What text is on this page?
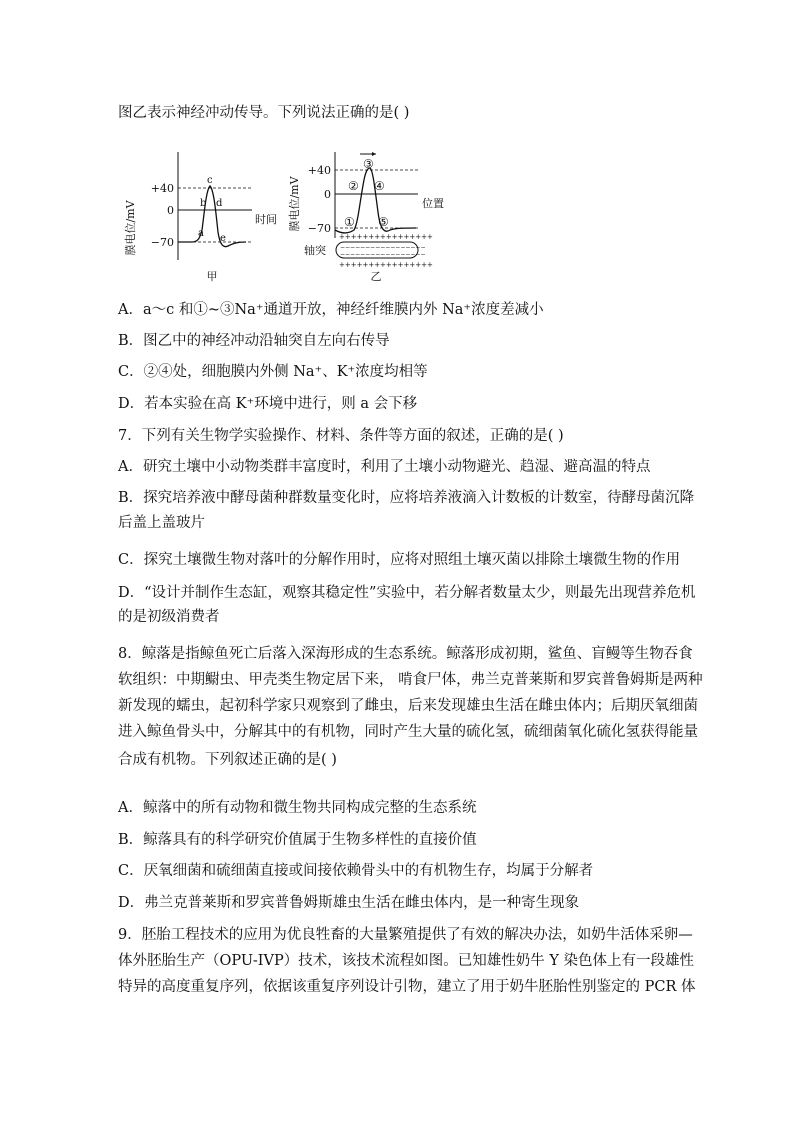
图乙表示神经冲动传导。下列说法正确的是( )
膜电位/mV
+40
0
−70
a
b
c
d
e
时间
甲
膜电位/mV
+40
0
−70 ①
②
③
④
⑤
位置
轴突
++++++++++++++++
−−−−−−−−−−−−−−−−−
−−−−−−−−−−−−−−−−−
++++++++++++++++
乙
A．a～c 和①~③Na⁺通道开放，神经纤维膜内外 Na⁺浓度差减小
B．图乙中的神经冲动沿轴突自左向右传导
C．②④处，细胞膜内外侧 Na⁺、K⁺浓度均相等
D．若本实验在高 K⁺环境中进行，则 a 会下移
7．下列有关生物学实验操作、材料、条件等方面的叙述，正确的是( )
A．研究土壤中小动物类群丰富度时，利用了土壤小动物避光、趋湿、避高温的特点
B．探究培养液中酵母菌种群数量变化时，应将培养液滴入计数板的计数室，待酵母菌沉降
后盖上盖玻片
C．探究土壤微生物对落叶的分解作用时，应将对照组土壤灭菌以排除土壤微生物的作用
D．“设计并制作生态缸，观察其稳定性”实验中，若分解者数量太少，则最先出现营养危机
的是初级消费者
8．鲸落是指鲸鱼死亡后落入深海形成的生态系统。鲸落形成初期，鲨鱼、盲鳗等生物吞食
软组织：中期鳚虫、甲壳类生物定居下来， 啃食尸体，弗兰克普莱斯和罗宾普鲁姆斯是两种
新发现的蠕虫，起初科学家只观察到了雌虫，后来发现雄虫生活在雌虫体内；后期厌氧细菌
进入鲸鱼骨头中，分解其中的有机物，同时产生大量的硫化氢，硫细菌氧化硫化氢获得能量
合成有机物。下列叙述正确的是( )
A．鲸落中的所有动物和微生物共同构成完整的生态系统
B．鲸落具有的科学研究价值属于生物多样性的直接价值
C．厌氧细菌和硫细菌直接或间接依赖骨头中的有机物生存，均属于分解者
D．弗兰克普莱斯和罗宾普鲁姆斯雄虫生活在雌虫体内，是一种寄生现象
9．胚胎工程技术的应用为优良牲畜的大量繁殖提供了有效的解决办法，如奶牛活体采卵—
体外胚胎生产（OPU-IVP）技术，该技术流程如图。已知雄性奶牛 Y 染色体上有一段雄性
特异的高度重复序列，依据该重复序列设计引物，建立了用于奶牛胚胎性别鉴定的 PCR 体
